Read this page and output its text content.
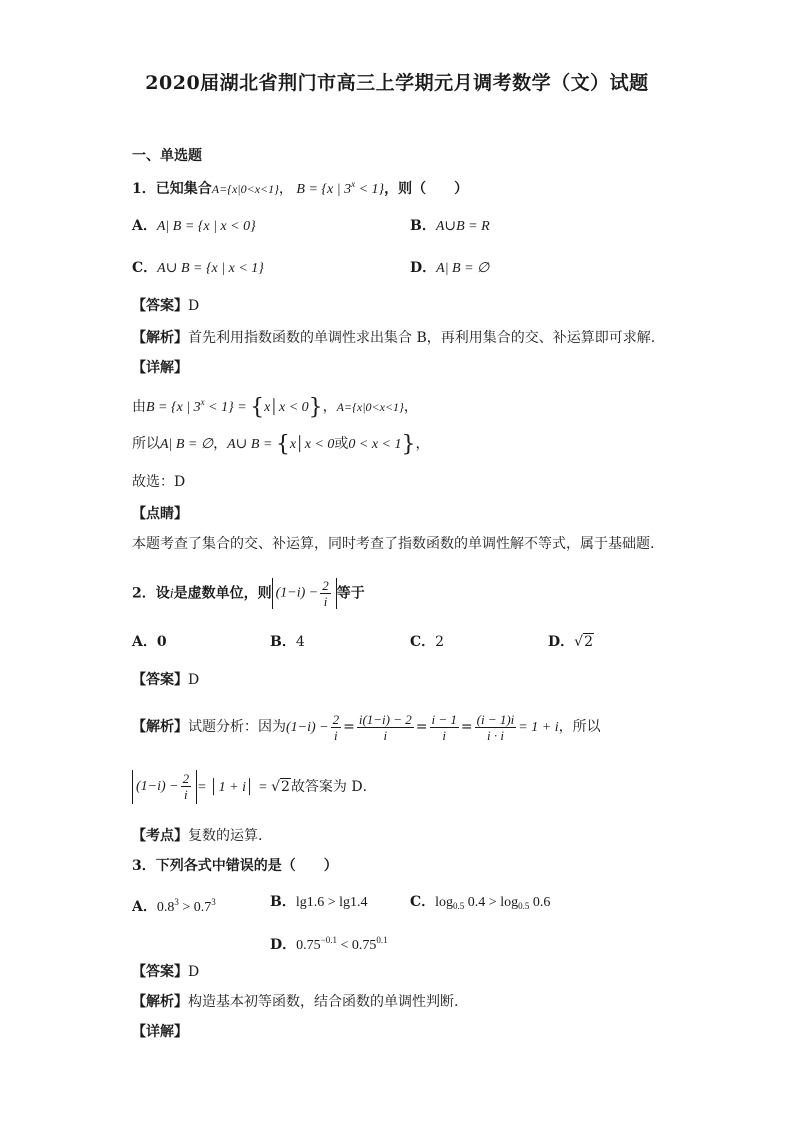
2020届湖北省荆门市高三上学期元月调考数学（文）试题
一、单选题
1．已知集合A={x|0<x<1}， B = {x | $3^x < 1$}，则（　　）
A．A| B = {x | x < 0}	B．A∪B = R
C．A∪ B = {x | x < 1}	D．A| B = ∅
【答案】D
【解析】首先利用指数函数的单调性求出集合 B，再利用集合的交、补运算即可求解.
【详解】
由B = {x | $3^x < 1$} = {x│x < 0}，A={x|0<x<1}，
所以A| B = ∅，A∪ B = {x│x < 0或0 < x < 1}，
故选：D
【点睛】
本题考查了集合的交、补运算，同时考查了指数函数的单调性解不等式，属于基础题.
2．设i是虚数单位，则 $(1-i) - \frac{2}{i}$ 等于
A．0	B．4	C．2	D．√2
【答案】D
【解析】试题分析：因为$(1-i) - \frac{2}{i} = \frac{i(1-i) - 2}{i} = \frac{i - 1}{i} = \frac{(i - 1)i}{i \cdot i} = 1 + i$，所以
$(1-i) - \frac{2}{i}$ = │1 + i│ = √2故答案为 D．
【考点】复数的运算.
3．下列各式中错误的是（　　）
A．$0.8^3 > 0.7^3$	B．lg1.6 > lg1.4	C．$\log_{0.5} 0.4 > \log_{0.5} 0.6$
D．$0.75^{-0.1} < 0.75^{0.1}$
【答案】D
【解析】构造基本初等函数，结合函数的单调性判断.
【详解】
